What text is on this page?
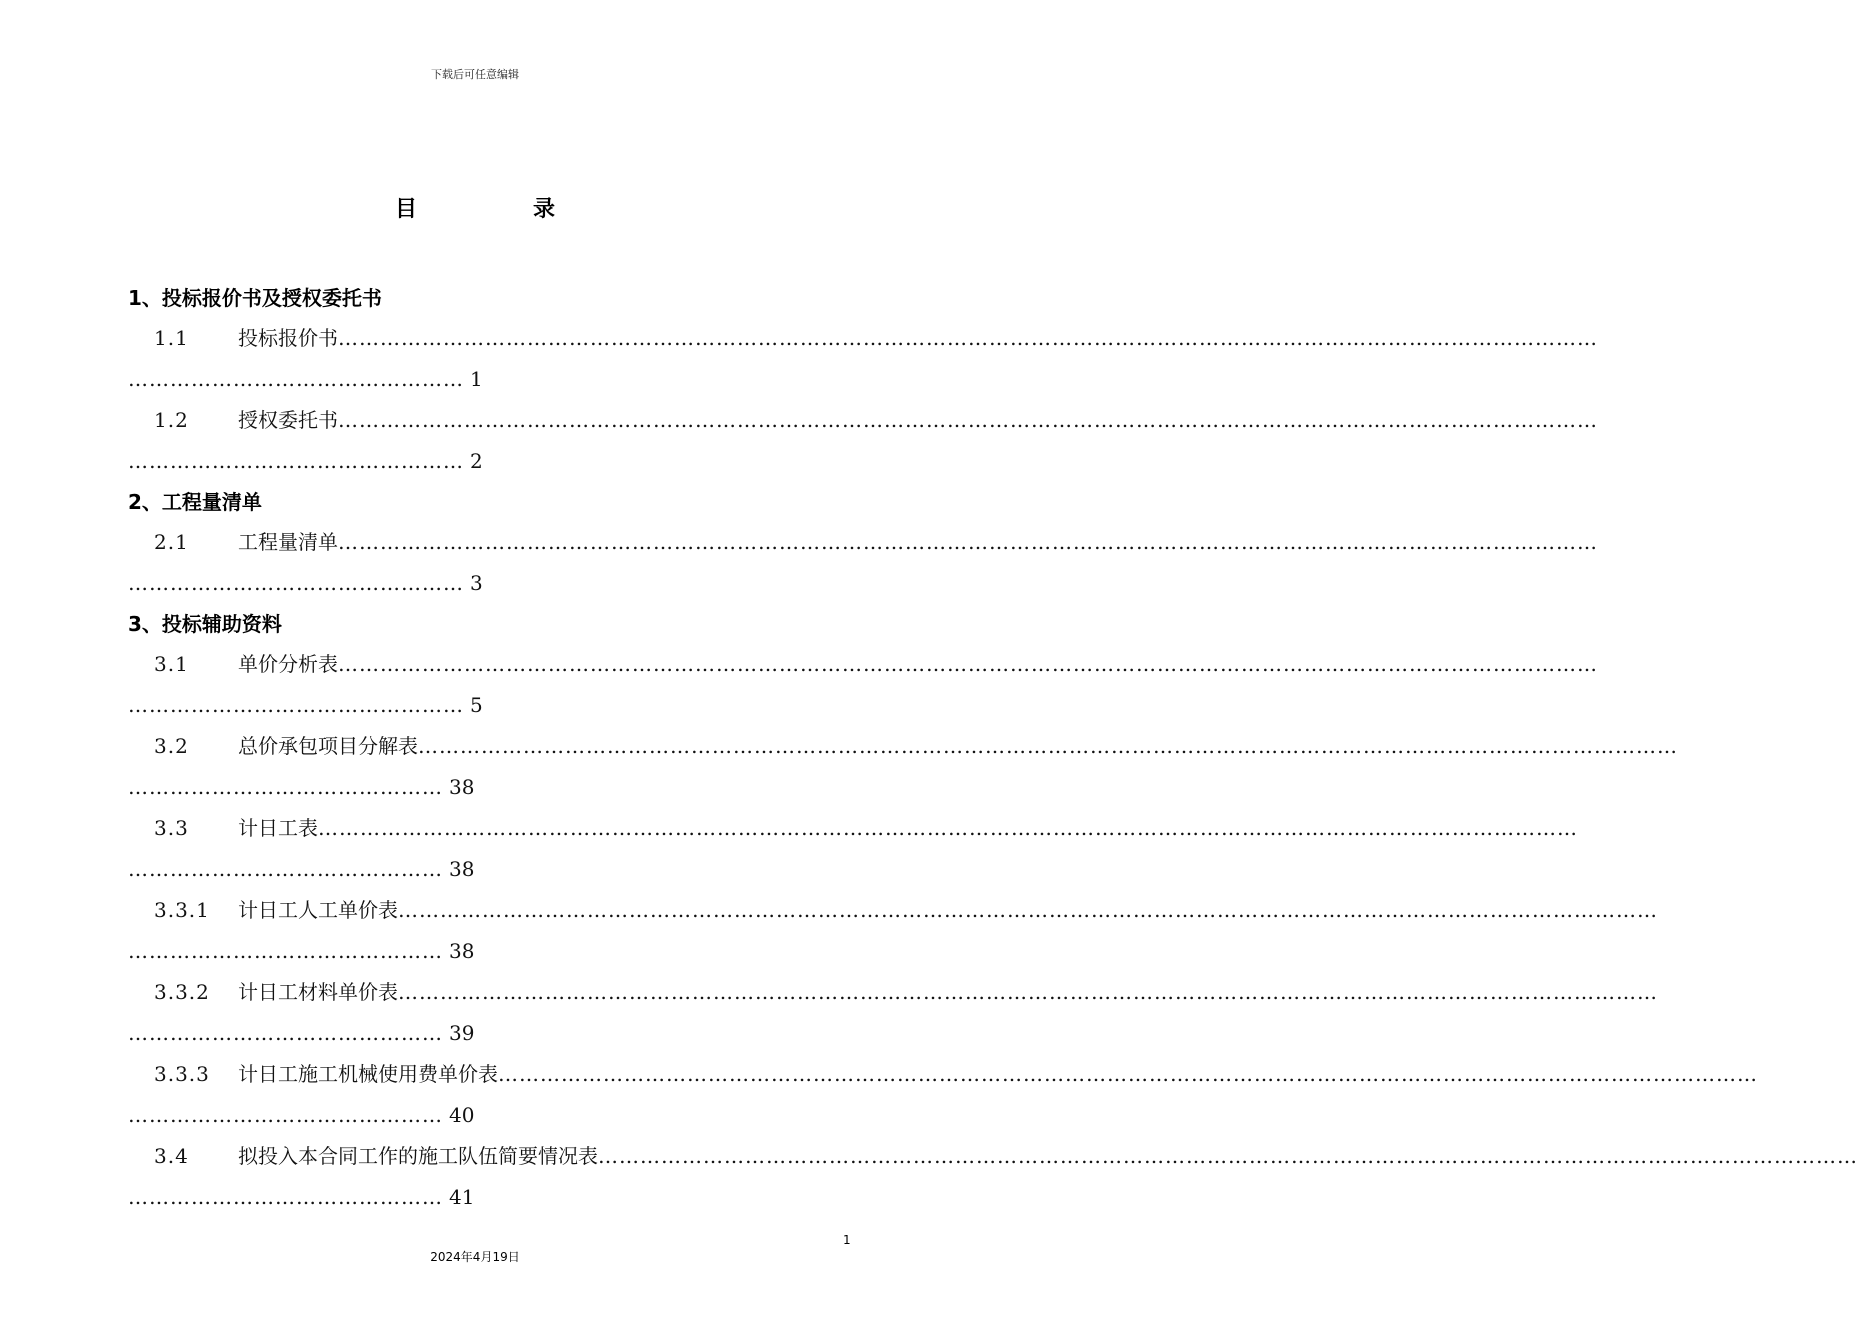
下载后可任意编辑
目	录
1、投标报价书及授权委托书
1.1 投标报价书………………………………………………………………………………………………………………………………………………………………
………………………………………… 1
1.2 授权委托书………………………………………………………………………………………………………………………………………………………………
………………………………………… 2
2、工程量清单
2.1 工程量清单………………………………………………………………………………………………………………………………………………………………
………………………………………… 3
3、投标辅助资料
3.1 单价分析表………………………………………………………………………………………………………………………………………………………………
………………………………………… 5
3.2 总价承包项目分解表………………………………………………………………………………………………………………………………………………………………
……………………………………… 38
3.3 计日工表………………………………………………………………………………………………………………………………………………………………
……………………………………… 38
3.3.1 计日工人工单价表………………………………………………………………………………………………………………………………………………………………
……………………………………… 38
3.3.2 计日工材料单价表………………………………………………………………………………………………………………………………………………………………
……………………………………… 39
3.3.3 计日工施工机械使用费单价表………………………………………………………………………………………………………………………………………………………………
……………………………………… 40
3.4 拟投入本合同工作的施工队伍简要情况表………………………………………………………………………………………………………………………………………………………………
……………………………………… 41
1
2024年4月19日
